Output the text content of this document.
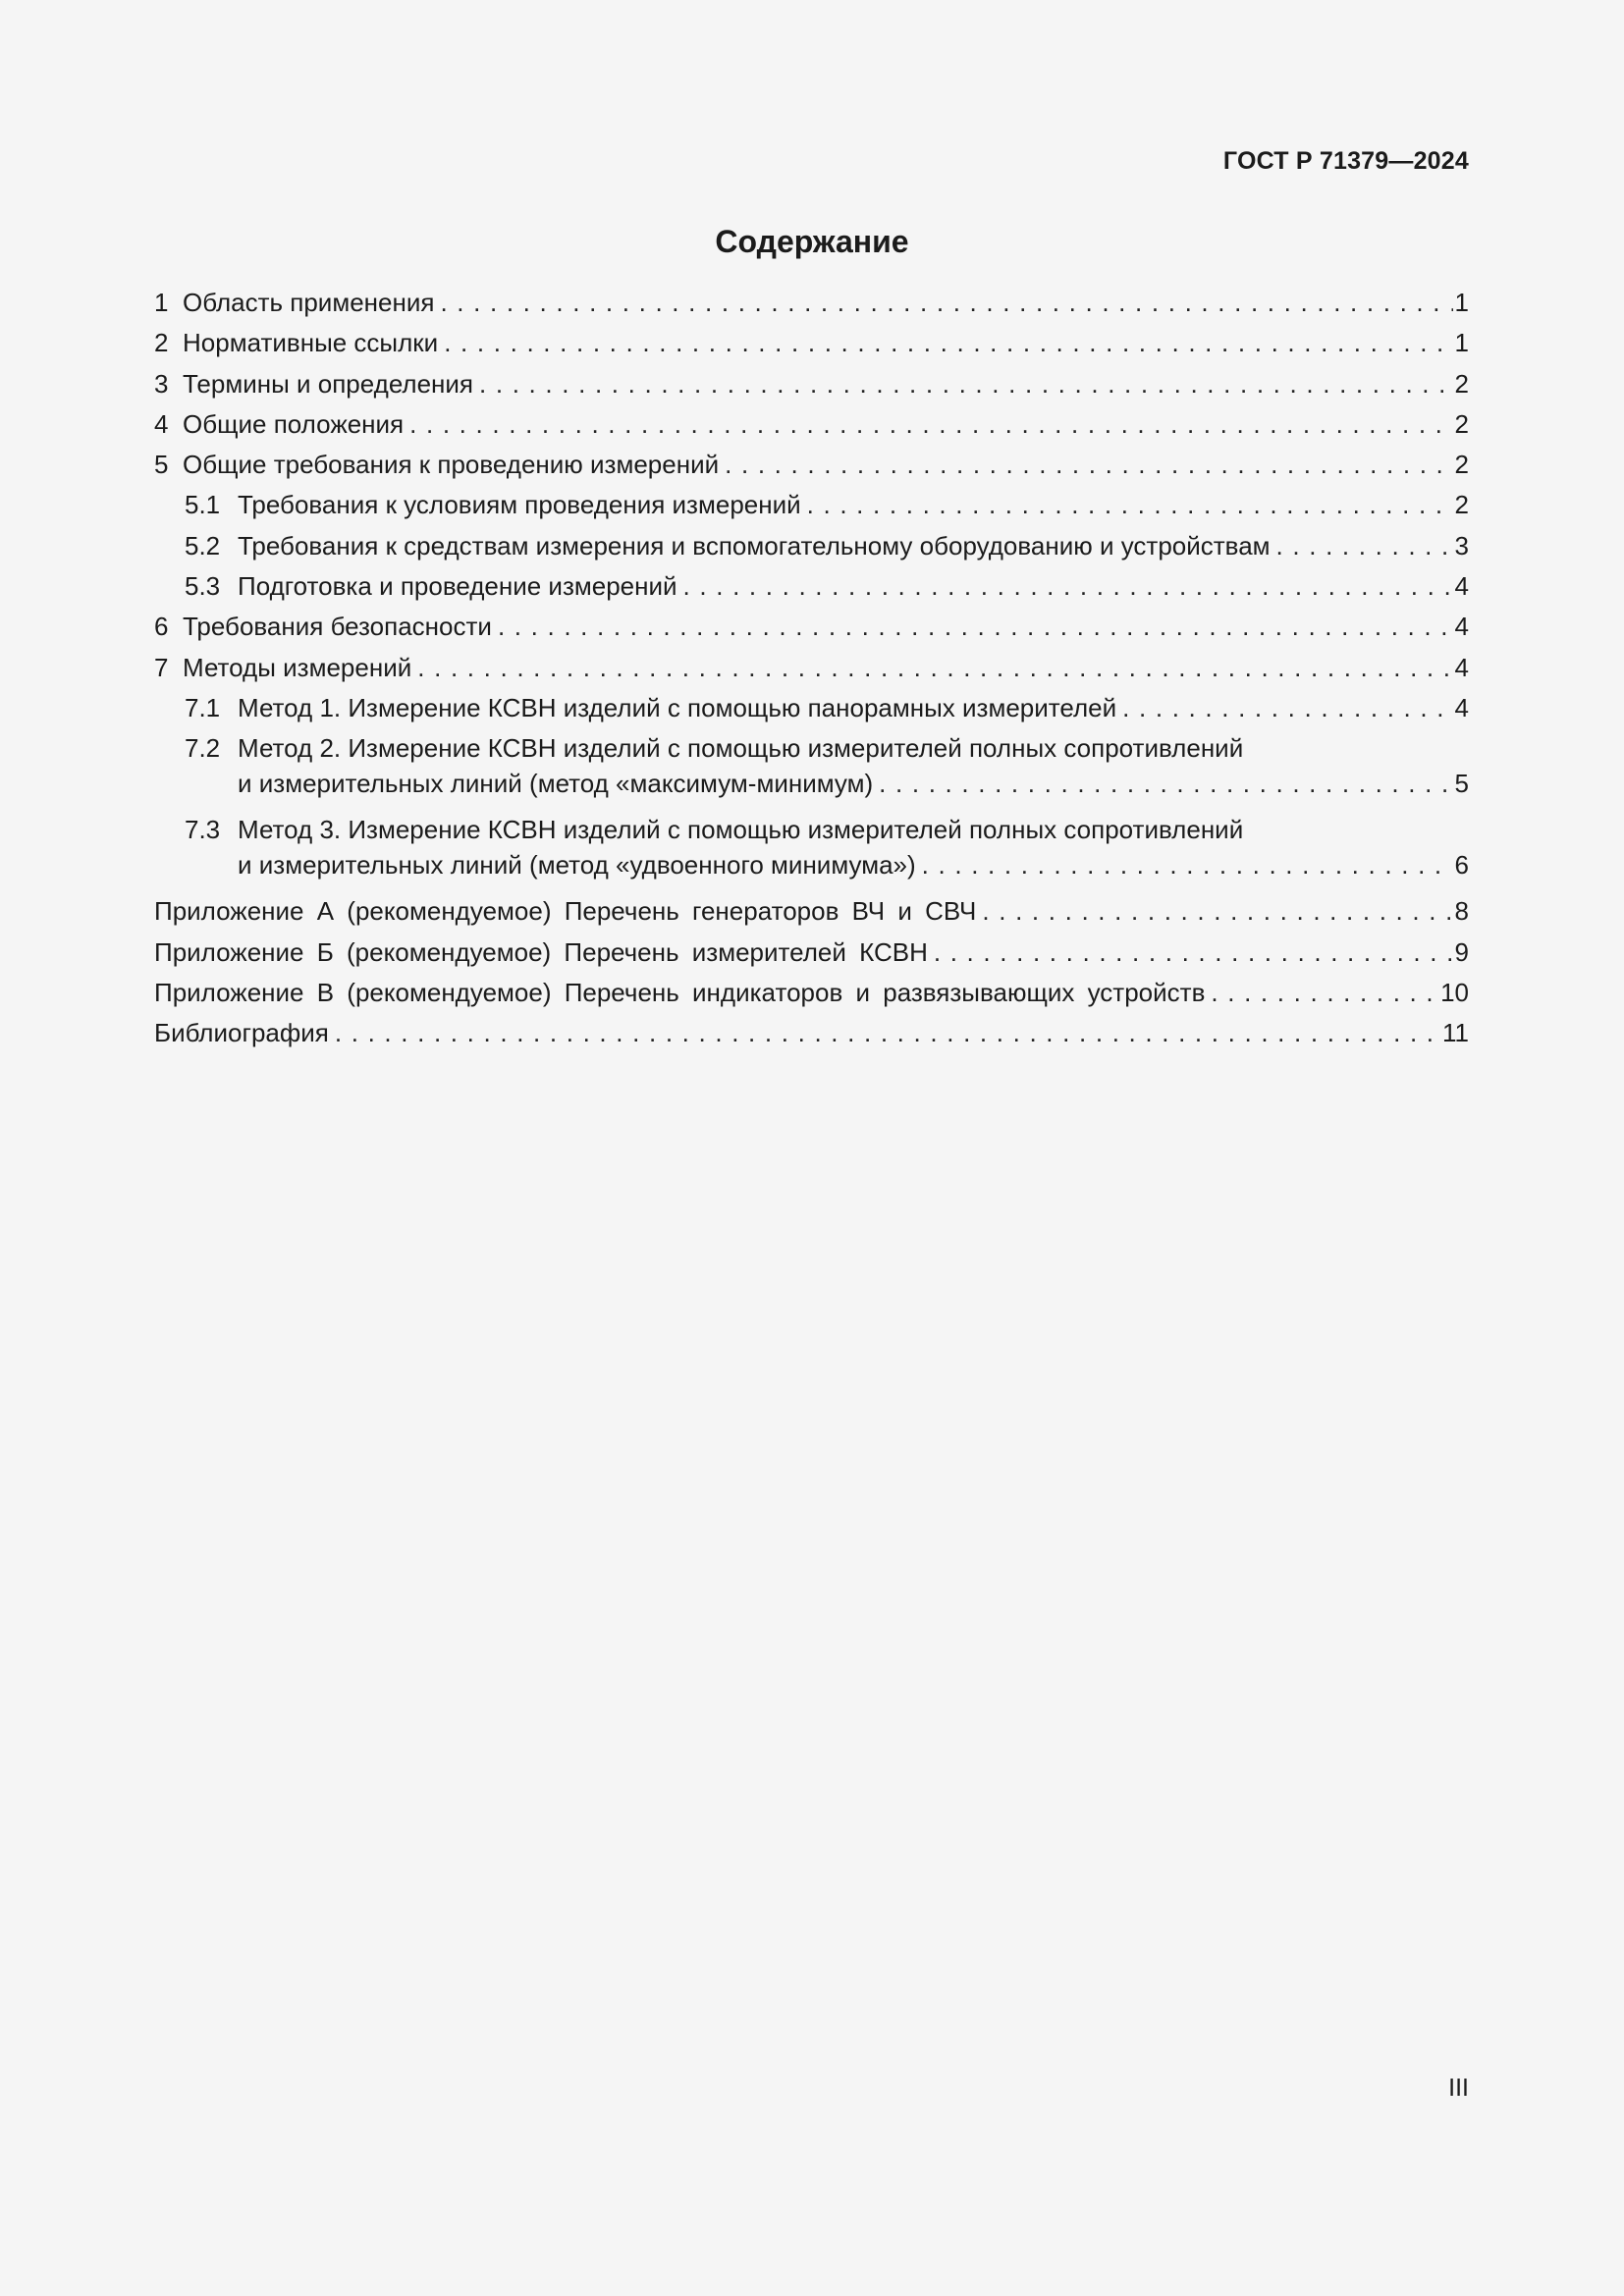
ГОСТ Р 71379—2024
Содержание
1 Область применения . . .	1
2 Нормативные ссылки . . .	1
3 Термины и определения . . .	2
4 Общие положения . . .	2
5 Общие требования к проведению измерений . . .	2
5.1 Требования к условиям проведения измерений . . .	2
5.2 Требования к средствам измерения и вспомогательному оборудованию и устройствам . . .	3
5.3 Подготовка и проведение измерений . . .	4
6 Требования безопасности . . .	4
7 Методы измерений . . .	4
7.1 Метод 1. Измерение КСВН изделий с помощью панорамных измерителей . . .	4
7.2 Метод 2. Измерение КСВН изделий с помощью измерителей полных сопротивлений
и измерительных линий (метод «максимум-минимум) . . .	5
7.3 Метод 3. Измерение КСВН изделий с помощью измерителей полных сопротивлений
и измерительных линий (метод «удвоенного минимума») . . .	6
Приложение А (рекомендуемое) Перечень генераторов ВЧ и СВЧ . . .	8
Приложение Б (рекомендуемое) Перечень измерителей КСВН . . .	9
Приложение В (рекомендуемое) Перечень индикаторов и развязывающих устройств . . .	10
Библиография . . .	11
III
